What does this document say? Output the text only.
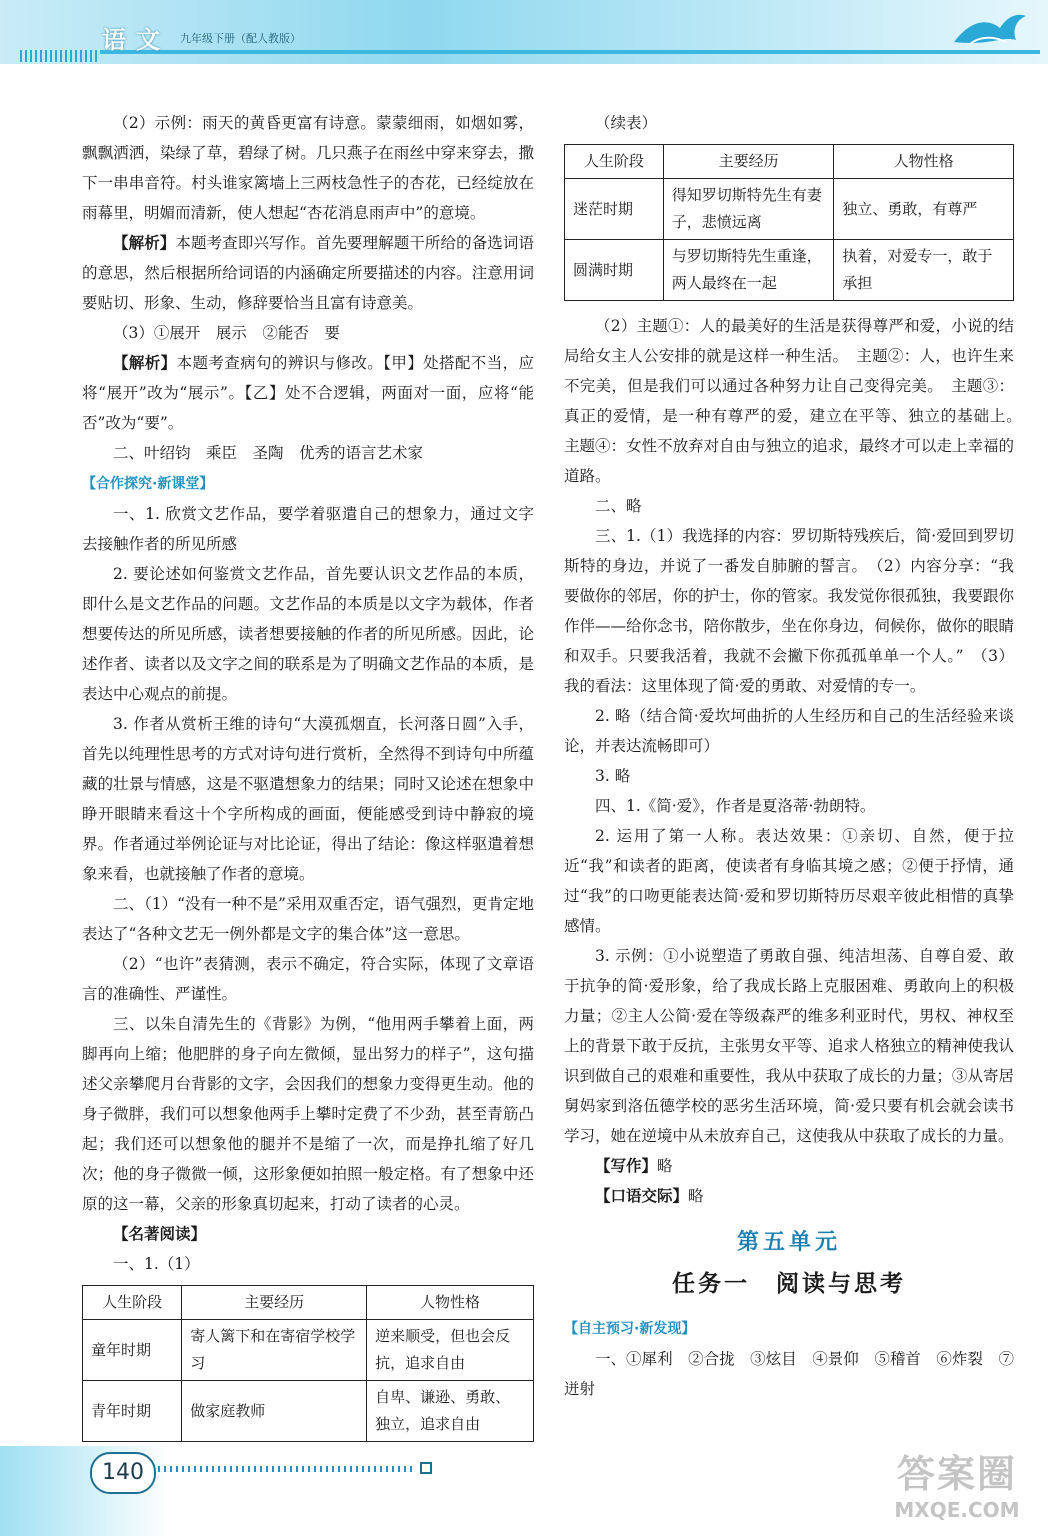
语文 九年级下册（配人教版）

（2）示例：雨天的黄昏更富有诗意。蒙蒙细雨，如烟如雾，飘飘洒洒，染绿了草，碧绿了树。几只燕子在雨丝中穿来穿去，撒下一串串音符。村头谁家篱墙上三两枝急性子的杏花，已经绽放在雨幕里，明媚而清新，使人想起“杏花消息雨声中”的意境。

【解析】本题考查即兴写作。首先要理解题干所给的备选词语的意思，然后根据所给词语的内涵确定所要描述的内容。注意用词要贴切、形象、生动，修辞要恰当且富有诗意美。

（3）①展开　展示　②能否　要

【解析】本题考查病句的辨识与修改。【甲】处搭配不当，应将“展开”改为“展示”。【乙】处不合逻辑，两面对一面，应将“能否”改为“要”。

二、叶绍钧　乘臣　圣陶　优秀的语言艺术家

【合作探究·新课堂】

一、1. 欣赏文艺作品，要学着驱遣自己的想象力，通过文字去接触作者的所见所感

2. 要论述如何鉴赏文艺作品，首先要认识文艺作品的本质，即什么是文艺作品的问题。文艺作品的本质是以文字为载体，作者想要传达的所见所感，读者想要接触的作者的所见所感。因此，论述作者、读者以及文字之间的联系是为了明确文艺作品的本质，是表达中心观点的前提。

3. 作者从赏析王维的诗句“大漠孤烟直，长河落日圆”入手，首先以纯理性思考的方式对诗句进行赏析，全然得不到诗句中所蕴藏的壮景与情感，这是不驱遣想象力的结果；同时又论述在想象中睁开眼睛来看这十个字所构成的画面，便能感受到诗中静寂的境界。作者通过举例论证与对比论证，得出了结论：像这样驱遣着想象来看，也就接触了作者的意境。

二、（1）“没有一种不是”采用双重否定，语气强烈，更肯定地表达了“各种文艺无一例外都是文字的集合体”这一意思。

（2）“也许”表猜测，表示不确定，符合实际，体现了文章语言的准确性、严谨性。

三、以朱自清先生的《背影》为例，“他用两手攀着上面，两脚再向上缩；他肥胖的身子向左微倾，显出努力的样子”，这句描述父亲攀爬月台背影的文字，会因我们的想象力变得更生动。他的身子微胖，我们可以想象他两手上攀时定费了不少劲，甚至青筋凸起；我们还可以想象他的腿并不是缩了一次，而是挣扎缩了好几次；他的身子微微一倾，这形象便如拍照一般定格。有了想象中还原的这一幕，父亲的形象真切起来，打动了读者的心灵。

【名著阅读】

一、1.（1）

人生阶段	主要经历	人物性格
童年时期	寄人篱下和在寄宿学校学习	逆来顺受，但也会反抗，追求自由
青年时期	做家庭教师	自卑、谦逊、勇敢、独立，追求自由

（续表）

人生阶段	主要经历	人物性格
迷茫时期	得知罗切斯特先生有妻子，悲愤远离	独立、勇敢，有尊严
圆满时期	与罗切斯特先生重逢，两人最终在一起	执着，对爱专一，敢于承担

（2）主题①：人的最美好的生活是获得尊严和爱，小说的结局给女主人公安排的就是这样一种生活。　主题②：人，也许生来不完美，但是我们可以通过各种努力让自己变得完美。　主题③：真正的爱情，是一种有尊严的爱，建立在平等、独立的基础上。　主题④：女性不放弃对自由与独立的追求，最终才可以走上幸福的道路。

二、略

三、1.（1）我选择的内容：罗切斯特残疾后，简·爱回到罗切斯特的身边，并说了一番发自肺腑的誓言。　（2）内容分享：“我要做你的邻居，你的护士，你的管家。我发觉你很孤独，我要跟你作伴——给你念书，陪你散步，坐在你身边，伺候你，做你的眼睛和双手。只要我活着，我就不会撇下你孤孤单单一个人。”　（3）我的看法：这里体现了简·爱的勇敢、对爱情的专一。

2. 略（结合简·爱坎坷曲折的人生经历和自己的生活经验来谈论，并表达流畅即可）

3. 略

四、1.《简·爱》，作者是夏洛蒂·勃朗特。

2. 运用了第一人称。表达效果：①亲切、自然，便于拉近“我”和读者的距离，使读者有身临其境之感；②便于抒情，通过“我”的口吻更能表达简·爱和罗切斯特历尽艰辛彼此相惜的真挚感情。

3. 示例：①小说塑造了勇敢自强、纯洁坦荡、自尊自爱、敢于抗争的简·爱形象，给了我成长路上克服困难、勇敢向上的积极力量；②主人公简·爱在等级森严的维多利亚时代，男权、神权至上的背景下敢于反抗，主张男女平等、追求人格独立的精神使我认识到做自己的艰难和重要性，我从中获取了成长的力量；③从寄居舅妈家到洛伍德学校的恶劣生活环境，简·爱只要有机会就会读书学习，她在逆境中从未放弃自己，这使我从中获取了成长的力量。

【写作】略

【口语交际】略

第五单元
任务一　阅读与思考

【自主预习·新发现】

一、①犀利　②合拢　③炫目　④景仰　⑤稽首　⑥炸裂　⑦迸射

140	答案圈
MXQE.COM
